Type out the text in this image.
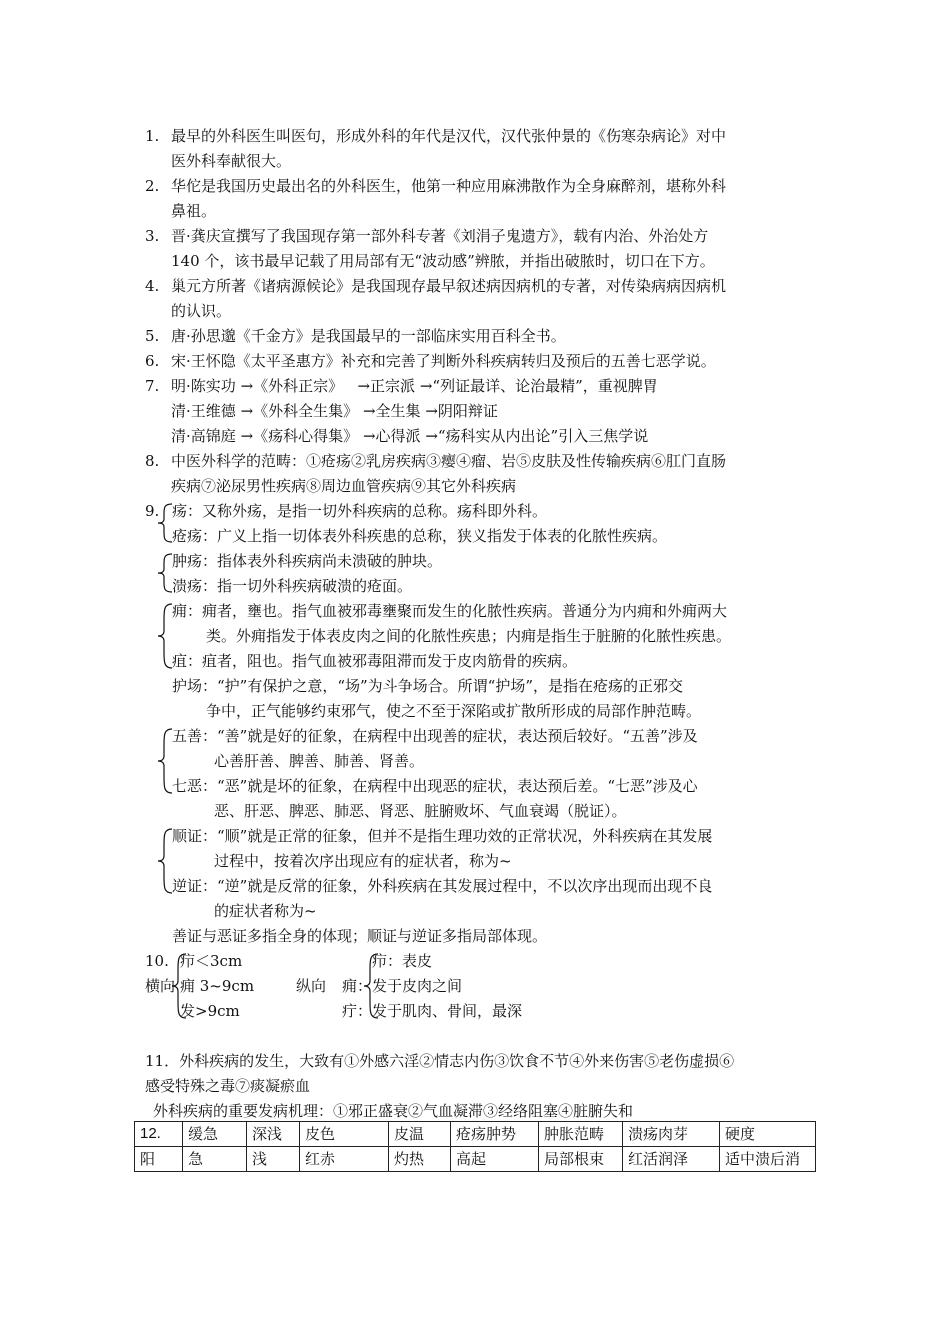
1. 最早的外科医生叫医句，形成外科的年代是汉代，汉代张仲景的《伤寒杂病论》对中
医外科奉献很大。
2. 华佗是我国历史最出名的外科医生，他第一种应用麻沸散作为全身麻醉剂，堪称外科
鼻祖。
3. 晋·龚庆宣撰写了我国现存第一部外科专著《刘涓子鬼遗方》，载有内治、外治处方
140 个，该书最早记载了用局部有无“波动感”辨脓，并指出破脓时，切口在下方。
4. 巢元方所著《诸病源候论》是我国现存最早叙述病因病机的专著，对传染病病因病机
的认识。
5. 唐·孙思邈《千金方》是我国最早的一部临床实用百科全书。
6. 宋·王怀隐《太平圣惠方》补充和完善了判断外科疾病转归及预后的五善七恶学说。
7. 明·陈实功 →《外科正宗》 →正宗派 →“列证最详、论治最精”，重视脾胃
清·王维德 →《外科全生集》 →全生集 →阴阳辩证
清·高锦庭 →《疡科心得集》 →心得派 →“疡科实从内出论”引入三焦学说
8. 中医外科学的范畴：①疮疡②乳房疾病③瘿④瘤、岩⑤皮肤及性传输疾病⑥肛门直肠
疾病⑦泌尿男性疾病⑧周边血管疾病⑨其它外科疾病
9. 疡：又称外疡，是指一切外科疾病的总称。疡科即外科。
疮疡：广义上指一切体表外科疾患的总称，狭义指发于体表的化脓性疾病。
肿疡：指体表外科疾病尚未溃破的肿块。
溃疡：指一切外科疾病破溃的疮面。
痈：痈者，壅也。指气血被邪毒壅聚而发生的化脓性疾病。普通分为内痈和外痈两大
类。外痈指发于体表皮肉之间的化脓性疾患；内痈是指生于脏腑的化脓性疾患。
疽：疽者，阻也。指气血被邪毒阻滞而发于皮肉筋骨的疾病。
护场：“护”有保护之意，“场”为斗争场合。所谓“护场”，是指在疮疡的正邪交
争中，正气能够约束邪气，使之不至于深陷或扩散所形成的局部作肿范畴。
五善：“善”就是好的征象，在病程中出现善的症状，表达预后较好。“五善”涉及
心善肝善、脾善、肺善、肾善。
七恶：“恶”就是坏的征象，在病程中出现恶的症状，表达预后差。“七恶”涉及心
恶、肝恶、脾恶、肺恶、肾恶、脏腑败坏、气血衰竭（脱证）。
顺证：“顺”就是正常的征象，但并不是指生理功效的正常状况，外科疾病在其发展
过程中，按着次序出现应有的症状者，称为~
逆证：“逆”就是反常的征象，外科疾病在其发展过程中，不以次序出现而出现不良
的症状者称为~
善证与恶证多指全身的体现；顺证与逆证多指局部体现。
10.
横向
疖＜3cm
痈 3~9cm
发>9cm
纵向
疖：表皮
痈：发于皮肉之间
疔：发于肌肉、骨间，最深
11．外科疾病的发生，大致有①外感六淫②情志内伤③饮食不节④外来伤害⑤老伤虚损⑥
感受特殊之毒⑦痰凝瘀血
外科疾病的重要发病机理：①邪正盛衰②气血凝滞③经络阻塞④脏腑失和
12.	缓急	深浅	皮色	皮温	疮疡肿势	肿胀范畴	溃疡肉芽	硬度
阳	急	浅	红赤	灼热	高起	局部根束	红活润泽	适中溃后消
